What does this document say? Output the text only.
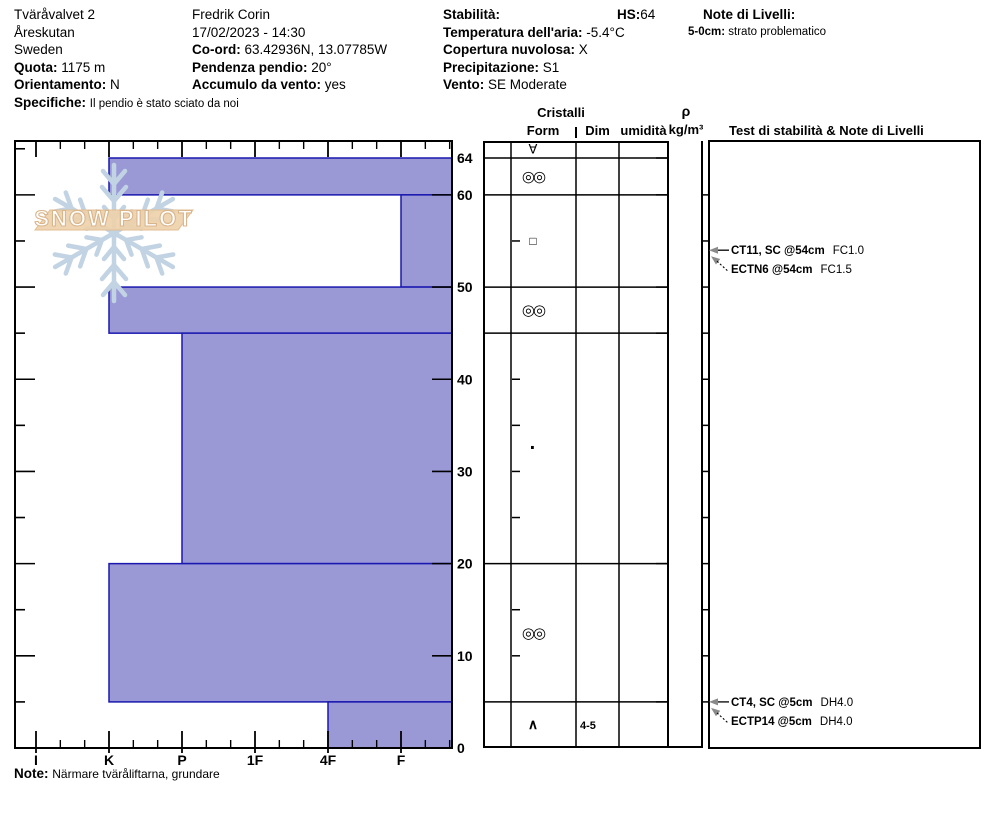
Tväråvalvet 2
Åreskutan
Sweden
Quota: 1175 m
Orientamento: N
Specifiche: Il pendio è stato sciato da noi
Fredrik Corin
17/02/2023 - 14:30
Co-ord: 63.42936N, 13.07785W
Pendenza pendio: 20°
Accumulo da vento: yes
Stabilità:
Temperatura dell'aria: -5.4°C
Copertura nuvolosa: X
Precipitazione: S1
Vento: SE Moderate
HS:64	Note di Livelli:
5-0cm: strato problematico
Cristalli
Form	Dim umidità
ρ
kg/m³	Test di stabilità & Note di Livelli
SNOW PILOT
64
60
50
40
30
20
10
0
I	K	P	1F	4F	F
∀
◎◎
□
◎◎
·
◎◎
∧	4-5
CT11, SC @54cm FC1.0
ECTN6 @54cm FC1.5
CT4, SC @5cm DH4.0
ECTP14 @5cm DH4.0
Note: Närmare tväråliftarna, grundare
